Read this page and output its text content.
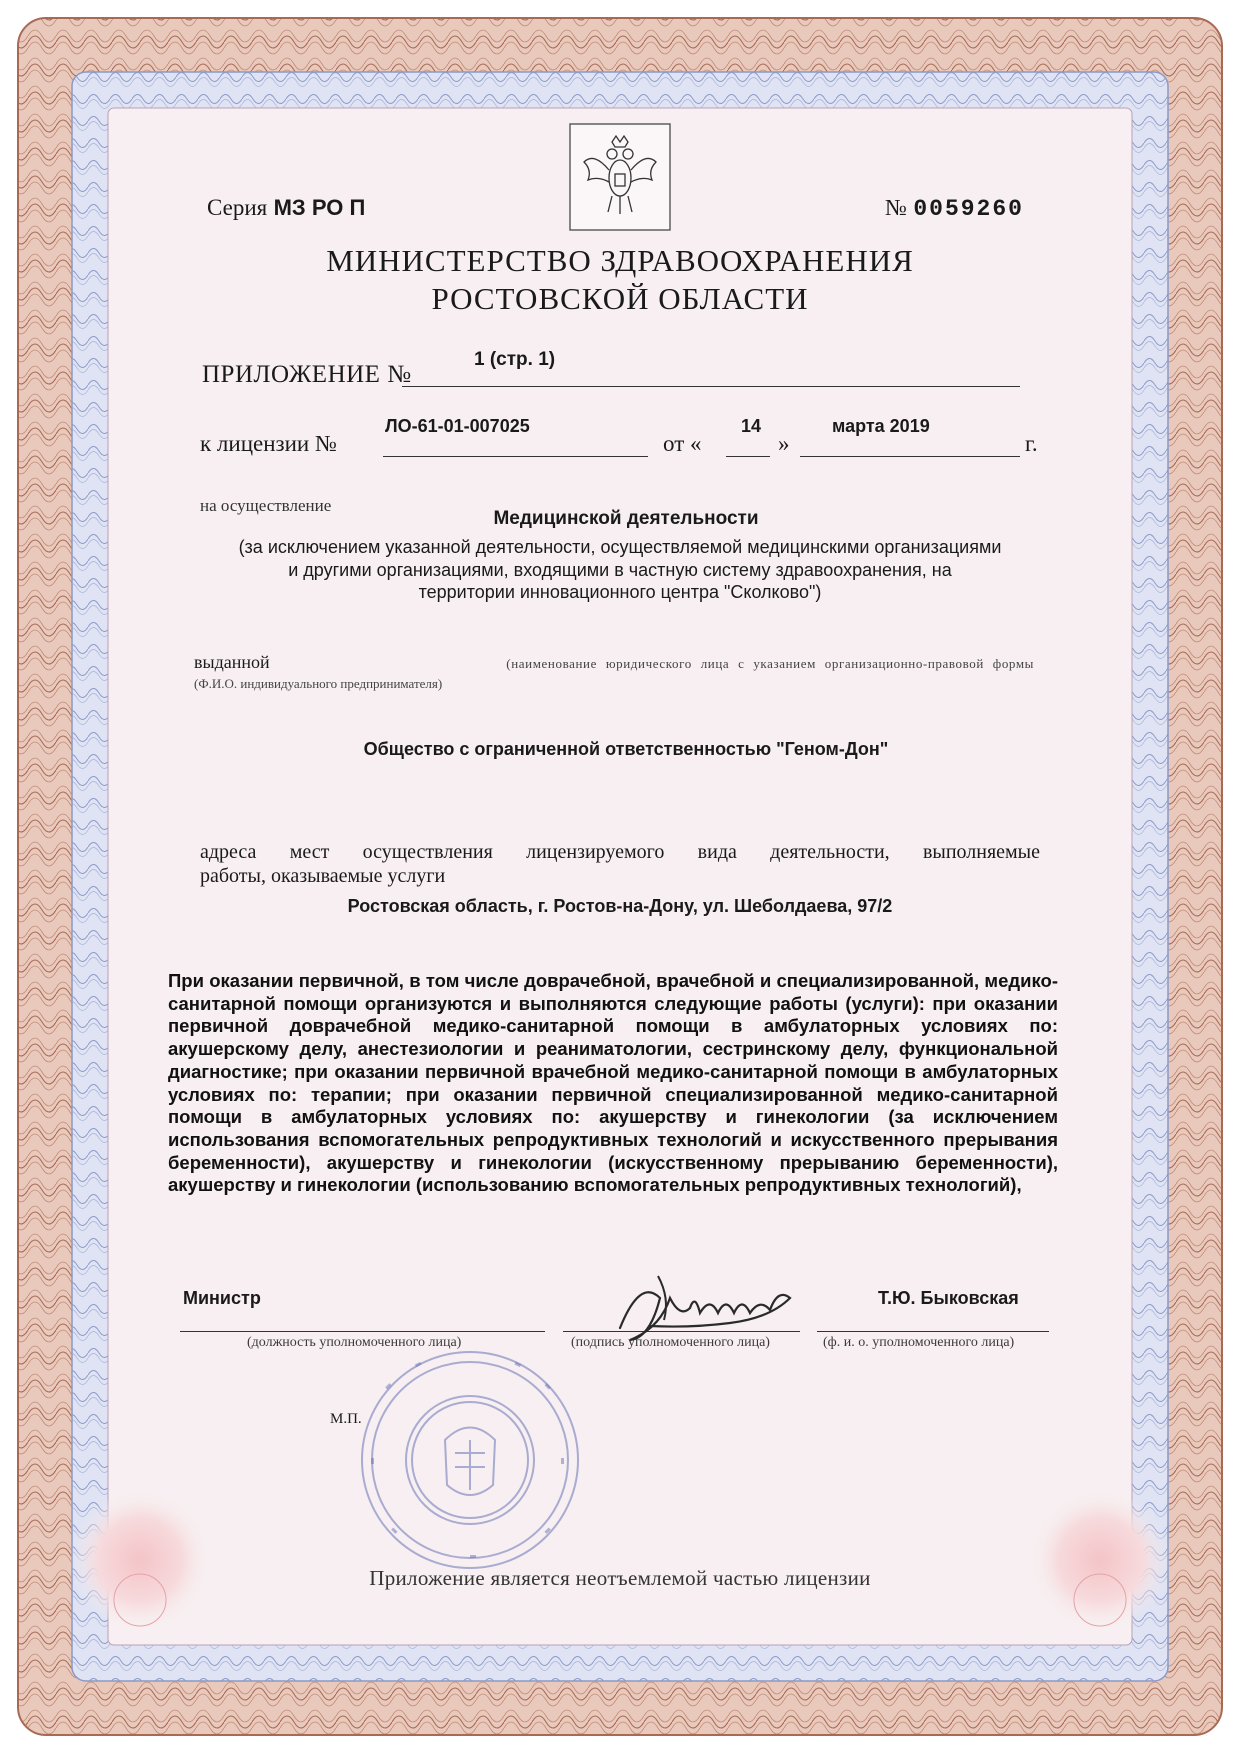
Серия МЗ РО П	№ 0059260
МИНИСТЕРСТВО ЗДРАВООХРАНЕНИЯ
РОСТОВСКОЙ ОБЛАСТИ
ПРИЛОЖЕНИЕ №
1 (стр. 1)
к лицензии №
ЛО-61-01-007025
от «
14
»
марта 2019
г.
на осуществление
Медицинской деятельности
(за исключением указанной деятельности, осуществляемой медицинскими организациями
и другими организациями, входящими в частную систему здравоохранения, на
территории инновационного центра "Сколково")
выданной	(наименование юридического лица с указанием организационно-правовой формы
(Ф.И.О. индивидуального предпринимателя)
Общество с ограниченной ответственностью "Геном-Дон"
адреса мест осуществления лицензируемого вида деятельности, выполняемые
работы, оказываемые услуги
Ростовская область, г. Ростов-на-Дону, ул. Шеболдаева, 97/2
При оказании первичной, в том числе доврачебной, врачебной и специализированной, медико-санитарной помощи организуются и выполняются следующие работы (услуги): при оказании первичной доврачебной медико-санитарной помощи в амбулаторных условиях по: акушерскому делу, анестезиологии и реаниматологии, сестринскому делу, функциональной диагностике; при оказании первичной врачебной медико-санитарной помощи в амбулаторных условиях по: терапии; при оказании первичной специализированной медико-санитарной помощи в амбулаторных условиях по: акушерству и гинекологии (за исключением использования вспомогательных репродуктивных технологий и искусственного прерывания беременности), акушерству и гинекологии (искусственному прерыванию беременности), акушерству и гинекологии (использованию вспомогательных репродуктивных технологий),
Министр
(должность уполномоченного лица)	(подпись уполномоченного лица)
Т.Ю. Быковская
(ф. и. о. уполномоченного лица)
М.П.
Приложение является неотъемлемой частью лицензии
